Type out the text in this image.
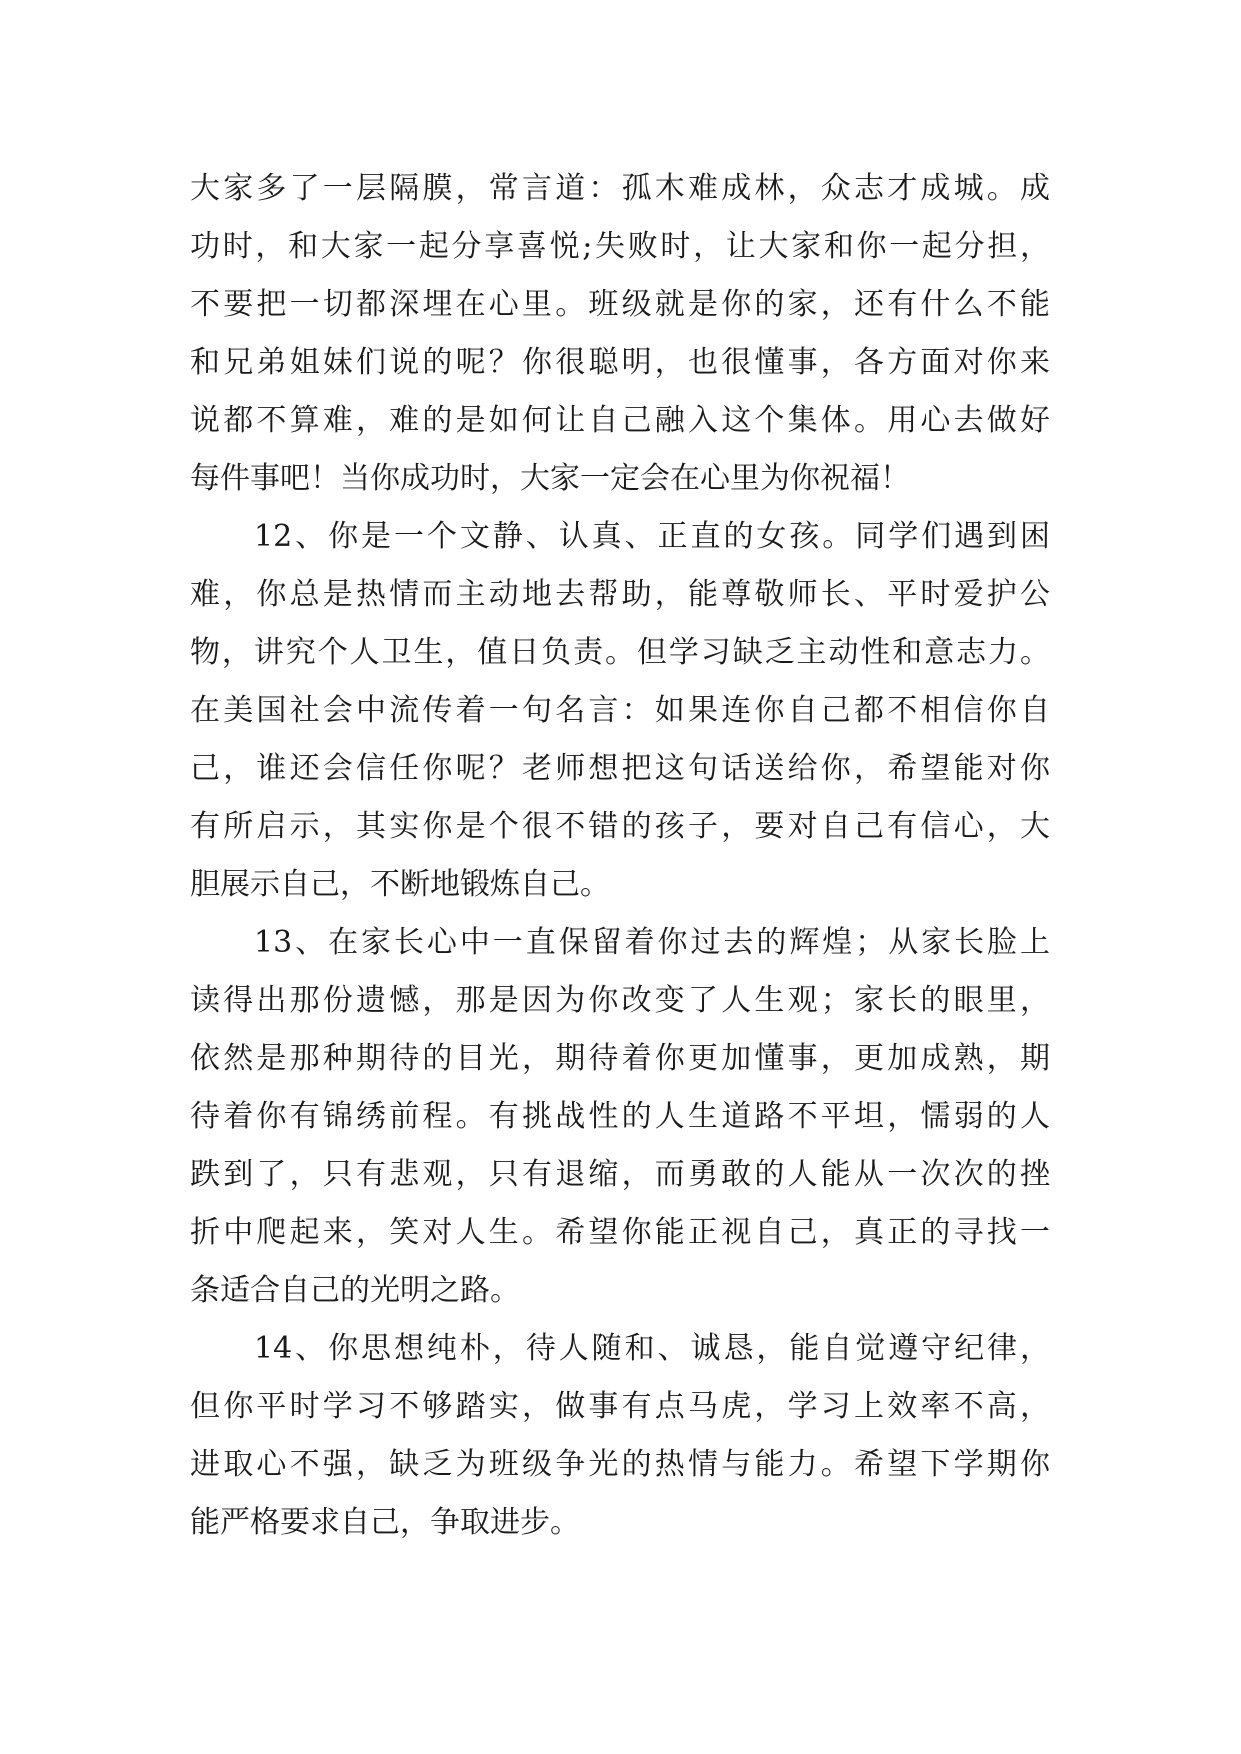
大家多了一层隔膜，常言道：孤木难成林，众志才成城。成
功时，和大家一起分享喜悦;失败时，让大家和你一起分担，
不要把一切都深埋在心里。班级就是你的家，还有什么不能
和兄弟姐妹们说的呢？你很聪明，也很懂事，各方面对你来
说都不算难，难的是如何让自己融入这个集体。用心去做好
每件事吧！当你成功时，大家一定会在心里为你祝福！
12、你是一个文静、认真、正直的女孩。同学们遇到困
难，你总是热情而主动地去帮助，能尊敬师长、平时爱护公
物，讲究个人卫生，值日负责。但学习缺乏主动性和意志力。
在美国社会中流传着一句名言：如果连你自己都不相信你自
己，谁还会信任你呢？老师想把这句话送给你，希望能对你
有所启示，其实你是个很不错的孩子，要对自己有信心，大
胆展示自己，不断地锻炼自己。
13、在家长心中一直保留着你过去的辉煌；从家长脸上
读得出那份遗憾，那是因为你改变了人生观；家长的眼里，
依然是那种期待的目光，期待着你更加懂事，更加成熟，期
待着你有锦绣前程。有挑战性的人生道路不平坦，懦弱的人
跌到了，只有悲观，只有退缩，而勇敢的人能从一次次的挫
折中爬起来，笑对人生。希望你能正视自己，真正的寻找一
条适合自己的光明之路。
14、你思想纯朴，待人随和、诚恳，能自觉遵守纪律，
但你平时学习不够踏实，做事有点马虎，学习上效率不高，
进取心不强，缺乏为班级争光的热情与能力。希望下学期你
能严格要求自己，争取进步。
